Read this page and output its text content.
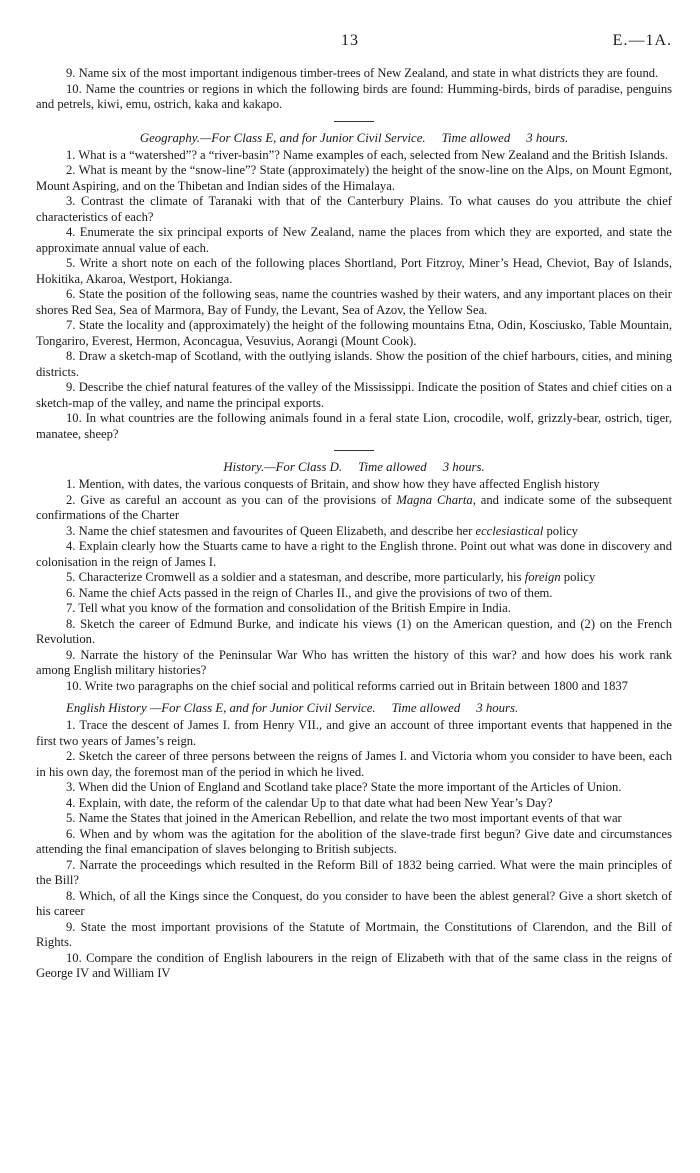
13	E.—1A.

9. Name six of the most important indigenous timber-trees of New Zealand, and state in what districts they are found.

10. Name the countries or regions in which the following birds are found: Humming-birds, birds of paradise, penguins and petrels, kiwi, emu, ostrich, kaka and kakapo.

Geography.—For Class E, and for Junior Civil Service. Time allowed 3 hours.

1. What is a “watershed”? a “river-basin”? Name examples of each, selected from New Zealand and the British Islands.

2. What is meant by the “snow-line”? State (approximately) the height of the snow-line on the Alps, on Mount Egmont, Mount Aspiring, and on the Thibetan and Indian sides of the Himalaya.

3. Contrast the climate of Taranaki with that of the Canterbury Plains. To what causes do you attribute the chief characteristics of each?

4. Enumerate the six principal exports of New Zealand, name the places from which they are exported, and state the approximate annual value of each.

5. Write a short note on each of the following places Shortland, Port Fitzroy, Miner’s Head, Cheviot, Bay of Islands, Hokitika, Akaroa, Westport, Hokianga.

6. State the position of the following seas, name the countries washed by their waters, and any important places on their shores Red Sea, Sea of Marmora, Bay of Fundy, the Levant, Sea of Azov, the Yellow Sea.

7. State the locality and (approximately) the height of the following mountains Etna, Odin, Kosciusko, Table Mountain, Tongariro, Everest, Hermon, Aconcagua, Vesuvius, Aorangi (Mount Cook).

8. Draw a sketch-map of Scotland, with the outlying islands. Show the position of the chief harbours, cities, and mining districts.

9. Describe the chief natural features of the valley of the Mississippi. Indicate the position of States and chief cities on a sketch-map of the valley, and name the principal exports.

10. In what countries are the following animals found in a feral state Lion, crocodile, wolf, grizzly-bear, ostrich, tiger, manatee, sheep?

History.—For Class D. Time allowed 3 hours.

1. Mention, with dates, the various conquests of Britain, and show how they have affected English history

2. Give as careful an account as you can of the provisions of Magna Charta, and indicate some of the subsequent confirmations of the Charter

3. Name the chief statesmen and favourites of Queen Elizabeth, and describe her ecclesiastical policy

4. Explain clearly how the Stuarts came to have a right to the English throne. Point out what was done in discovery and colonisation in the reign of James I.

5. Characterize Cromwell as a soldier and a statesman, and describe, more particularly, his foreign policy

6. Name the chief Acts passed in the reign of Charles II., and give the provisions of two of them.

7. Tell what you know of the formation and consolidation of the British Empire in India.

8. Sketch the career of Edmund Burke, and indicate his views (1) on the American question, and (2) on the French Revolution.

9. Narrate the history of the Peninsular War Who has written the history of this war? and how does his work rank among English military histories?

10. Write two paragraphs on the chief social and political reforms carried out in Britain between 1800 and 1837

English History —For Class E, and for Junior Civil Service. Time allowed 3 hours.

1. Trace the descent of James I. from Henry VII., and give an account of three important events that happened in the first two years of James’s reign.

2. Sketch the career of three persons between the reigns of James I. and Victoria whom you consider to have been, each in his own day, the foremost man of the period in which he lived.

3. When did the Union of England and Scotland take place? State the more important of the Articles of Union.

4. Explain, with date, the reform of the calendar Up to that date what had been New Year’s Day?

5. Name the States that joined in the American Rebellion, and relate the two most important events of that war

6. When and by whom was the agitation for the abolition of the slave-trade first begun? Give date and circumstances attending the final emancipation of slaves belonging to British subjects.

7. Narrate the proceedings which resulted in the Reform Bill of 1832 being carried. What were the main principles of the Bill?

8. Which, of all the Kings since the Conquest, do you consider to have been the ablest general? Give a short sketch of his career

9. State the most important provisions of the Statute of Mortmain, the Constitutions of Clarendon, and the Bill of Rights.

10. Compare the condition of English labourers in the reign of Elizabeth with that of the same class in the reigns of George IV and William IV
